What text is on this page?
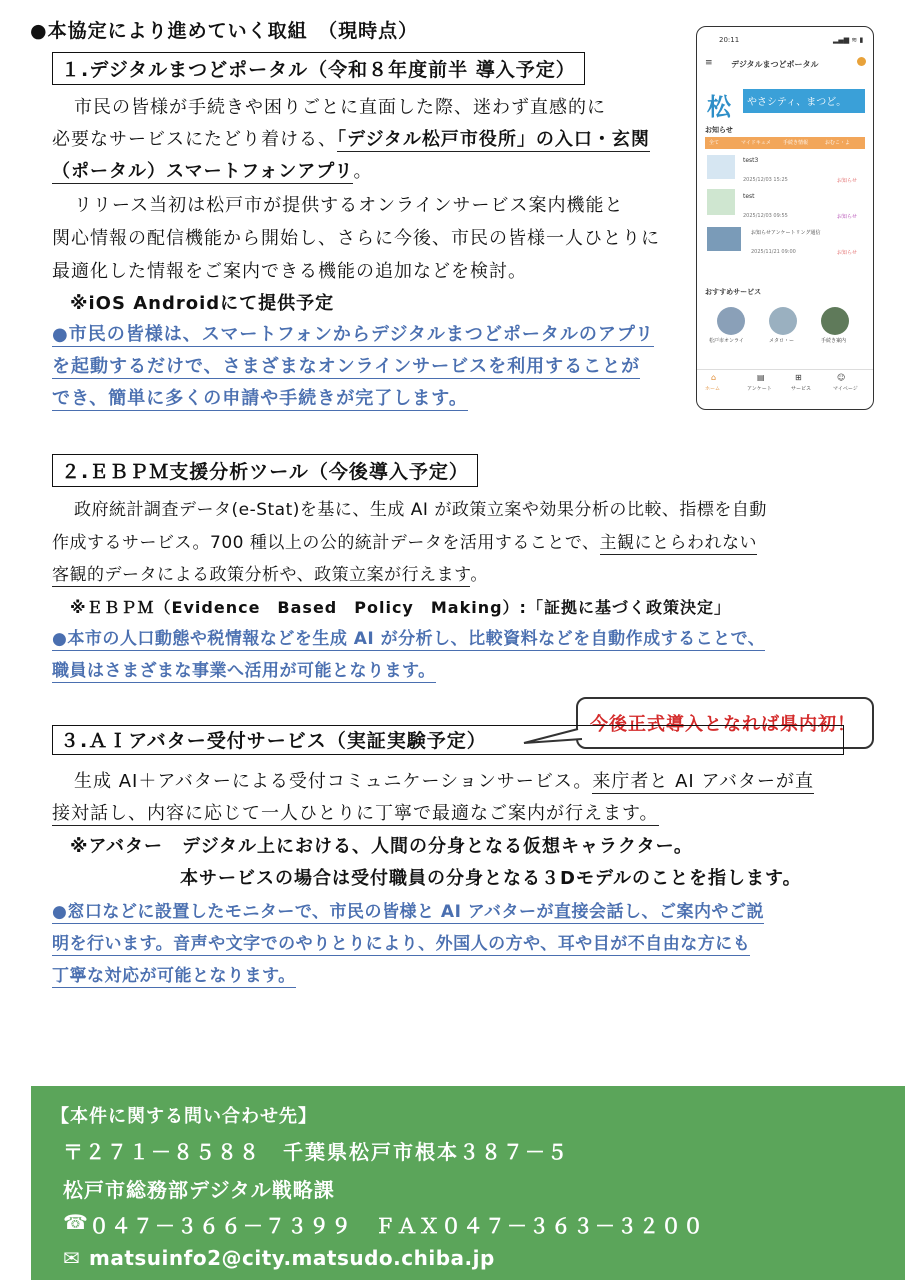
●本協定により進めていく取組　（現時点）
１.デジタルまつどポータル（令和８年度前半 導入予定）
市民の皆様が手続きや困りごとに直面した際、迷わず直感的に
必要なサービスにたどり着ける、「デジタル松戸市役所」の入口・玄関
（ポータル）スマートフォンアプリ。
リリース当初は松戸市が提供するオンラインサービス案内機能と
関心情報の配信機能から開始し、さらに今後、市民の皆様一人ひとりに
最適化した情報をご案内できる機能の追加などを検討。
※iOS Androidにて提供予定
●市民の皆様は、スマートフォンからデジタルまつどポータルのアプリ
を起動するだけで、さまざまなオンラインサービスを利用することが
でき、簡単に多くの申請や手続きが完了します。
20:11	▂▄▆ ≋ ▮
≡ デジタルまつどポータル
松 やさシティ、まつど。
お知らせ
全て	マイドキュメ 手続き情報	おむこ・よ
test3
2025/12/03 15:25	お知らせ
test
2025/12/03 09:55	お知らせ
お知らせアンケートリング通信
2025/11/21 09:00	お知らせ
おすすめサービス
松戸市オンライ	メタロ・ー	手続き案内
⌂	▤	⊞	☺
ホーム	アンケート	サービス	マイページ
２.ＥＢＰＭ支援分析ツール（今後導入予定）
政府統計調査データ(e-Stat)を基に、生成 AI が政策立案や効果分析の比較、指標を自動
作成するサービス。700 種以上の公的統計データを活用することで、主観にとらわれない
客観的データによる政策分析や、政策立案が行えます。
※ＥＢＰＭ（Evidence　Based　Policy　Making）:「証拠に基づく政策決定」
●本市の人口動態や税情報などを生成 AI が分析し、比較資料などを自動作成することで、
職員はさまざまな事業へ活用が可能となります。
今後正式導入となれば県内初！
３.ＡＩアバター受付サービス（実証実験予定）
生成 AI＋アバターによる受付コミュニケーションサービス。来庁者と AI アバターが直
接対話し、内容に応じて一人ひとりに丁寧で最適なご案内が行えます。
※アバター　デジタル上における、人間の分身となる仮想キャラクター。
本サービスの場合は受付職員の分身となる３Dモデルのことを指します。
●窓口などに設置したモニターで、市民の皆様と AI アバターが直接会話し、ご案内やご説
明を行います。音声や文字でのやりとりにより、外国人の方や、耳や目が不自由な方にも
丁寧な対応が可能となります。
【本件に関する問い合わせ先】
〒２７１－８５８８　千葉県松戸市根本３８７－５
松戸市総務部デジタル戦略課
☎ ０４７－３６６－７３９９　ＦＡＸ０４７－３６３－３２００
✉ matsuinfo2@city.matsudo.chiba.jp
